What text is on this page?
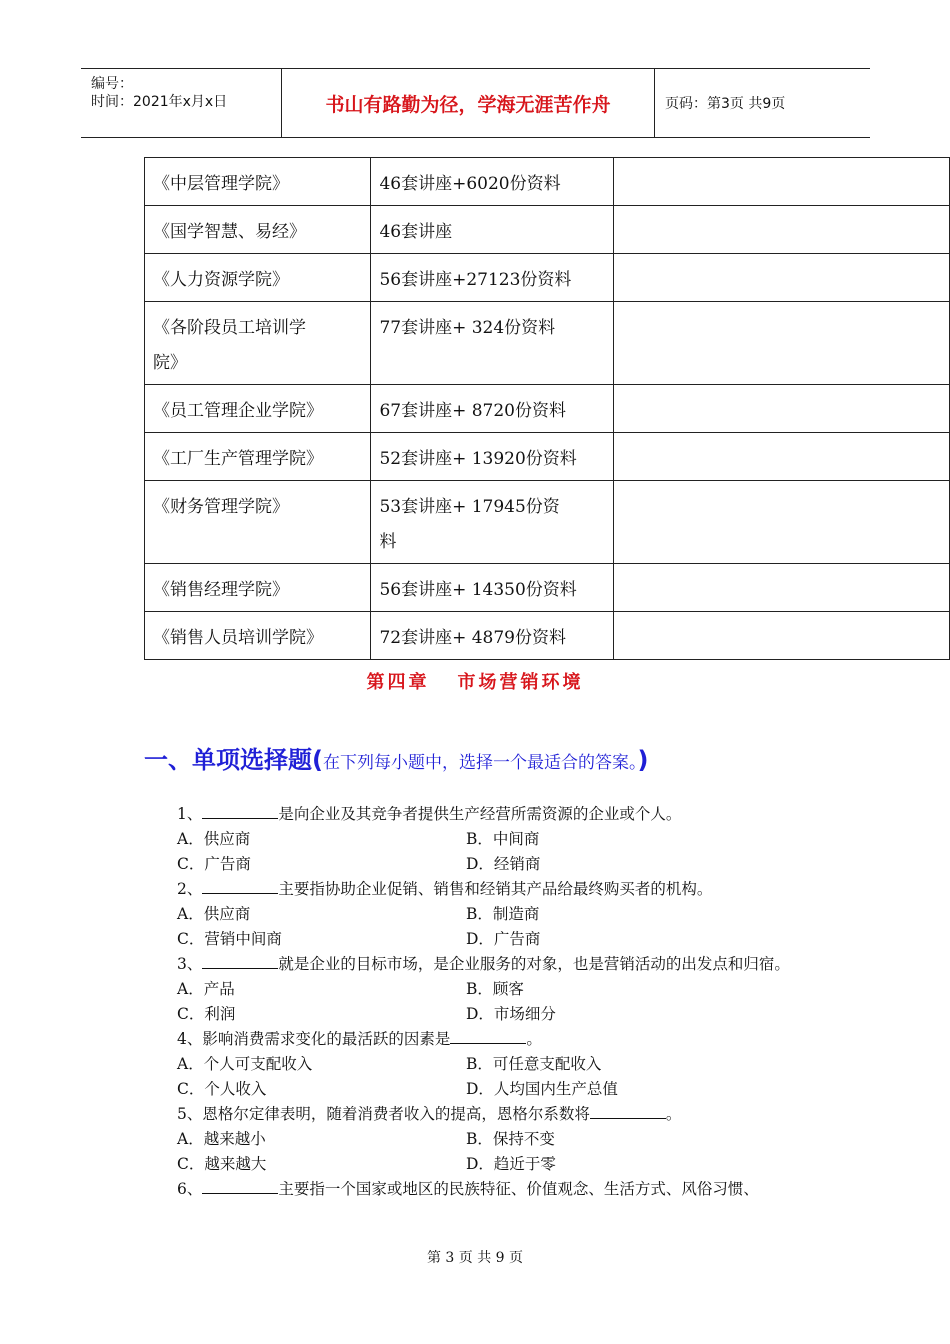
编号：
时间：2021年x月x日	书山有路勤为径，学海无涯苦作舟	页码：第3页 共9页
《中层管理学院》	46套讲座+6020份资料	
《国学智慧、易经》	46套讲座	
《人力资源学院》	56套讲座+27123份资料	

《各阶段员工培训学
院》	77套讲座+ 324份资料	
《员工管理企业学院》	67套讲座+ 8720份资料	
《工厂生产管理学院》	52套讲座+ 13920份资料	
《财务管理学院》	53套讲座+ 17945份资
料	

《销售经理学院》	56套讲座+ 14350份资料	
《销售人员培训学院》	72套讲座+ 4879份资料	
第四章 市场营销环境
一、单项选择题(在下列每小题中，选择一个最适合的答案。)
1、	是向企业及其竞争者提供生产经营所需资源的企业或个人。
A．供应商	B．中间商
C．广告商	D．经销商
2、	主要指协助企业促销、销售和经销其产品给最终购买者的机构。
A．供应商	B．制造商
C．营销中间商	D．广告商
3、	就是企业的目标市场，是企业服务的对象，也是营销活动的出发点和归宿。
A．产品	B．顾客
C．利润	D．市场细分
4、影响消费需求变化的最活跃的因素是	。
A．个人可支配收入	B．可任意支配收入
C．个人收入	D．人均国内生产总值
5、恩格尔定律表明，随着消费者收入的提高，恩格尔系数将	。
A．越来越小	B．保持不变
C．越来越大	D．趋近于零
6、	主要指一个国家或地区的民族特征、价值观念、生活方式、风俗习惯、
第 3 页 共 9 页
